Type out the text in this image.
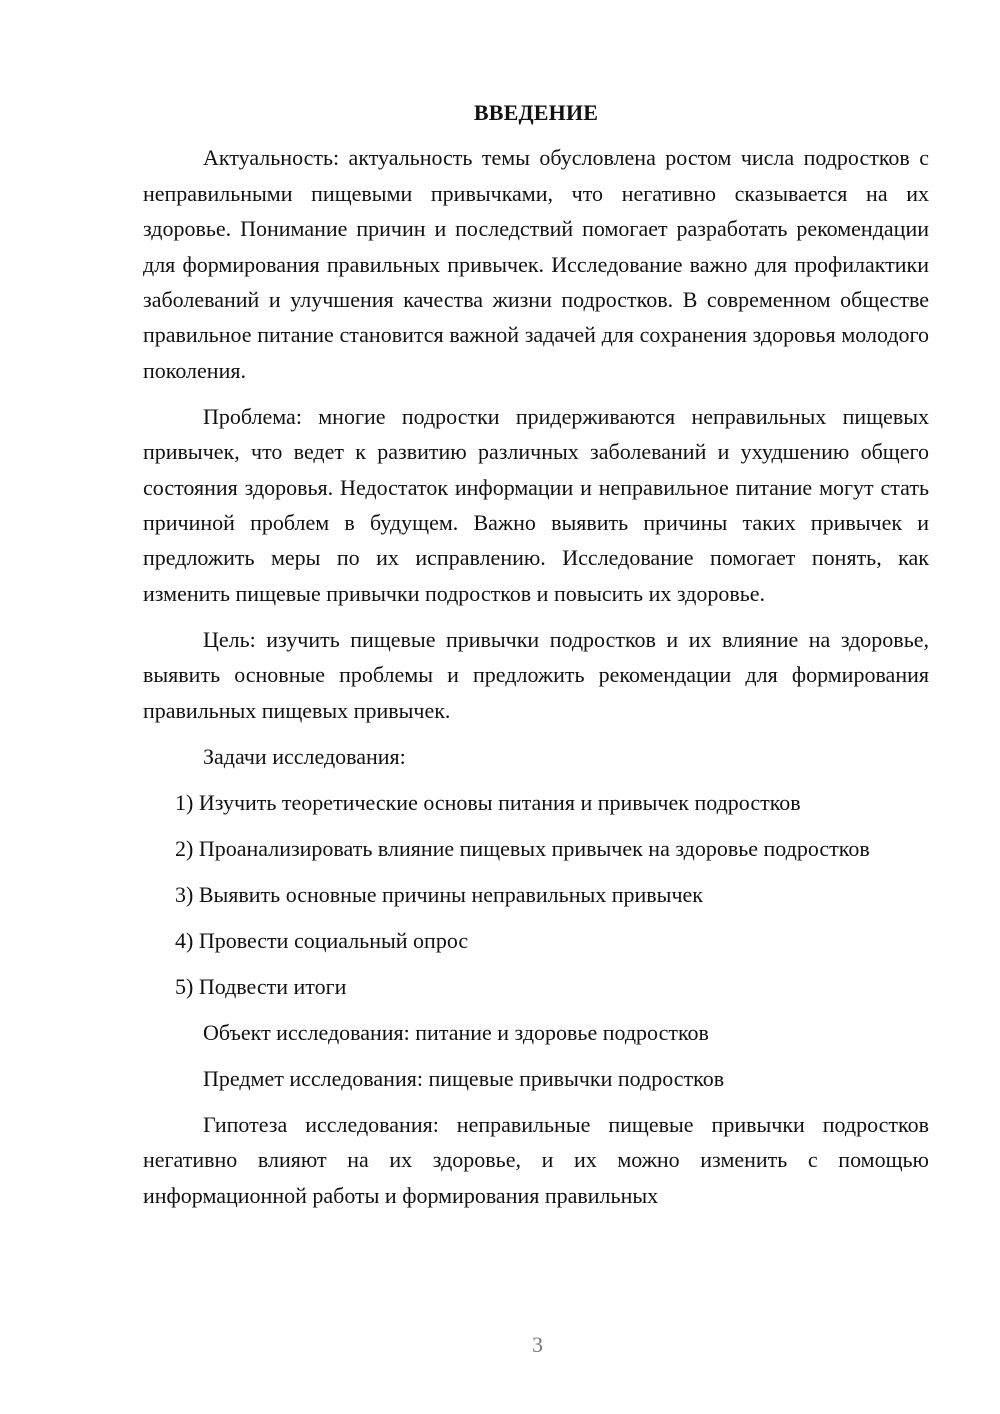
ВВЕДЕНИЕ

Актуальность: актуальность темы обусловлена ростом числа подростков с неправильными пищевыми привычками, что негативно сказывается на их здоровье. Понимание причин и последствий помогает разработать рекомендации для формирования правильных привычек. Исследование важно для профилактики заболеваний и улучшения качества жизни подростков. В современном обществе правильное питание становится важной задачей для сохранения здоровья молодого поколения.

Проблема: многие подростки придерживаются неправильных пищевых привычек, что ведет к развитию различных заболеваний и ухудшению общего состояния здоровья. Недостаток информации и неправильное питание могут стать причиной проблем в будущем. Важно выявить причины таких привычек и предложить меры по их исправлению. Исследование помогает понять, как изменить пищевые привычки подростков и повысить их здоровье.

Цель: изучить пищевые привычки подростков и их влияние на здоровье, выявить основные проблемы и предложить рекомендации для формирования правильных пищевых привычек.

Задачи исследования:

1) Изучить теоретические основы питания и привычек подростков

2) Проанализировать влияние пищевых привычек на здоровье подростков

3) Выявить основные причины неправильных привычек

4) Провести социальный опрос

5) Подвести итоги

Объект исследования: питание и здоровье подростков

Предмет исследования: пищевые привычки подростков

Гипотеза исследования: неправильные пищевые привычки подростков негативно влияют на их здоровье, и их можно изменить с помощью информационной работы и формирования правильных

3
